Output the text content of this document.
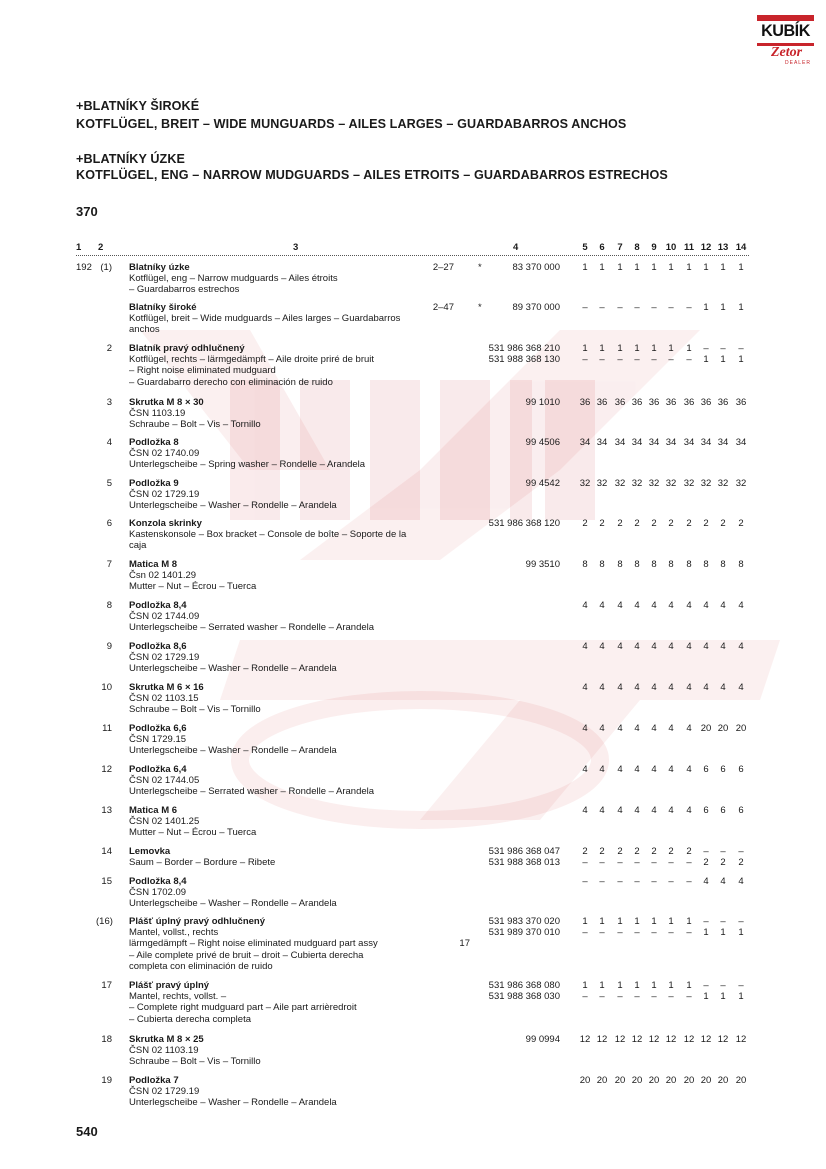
KUBÍK
Zetor
DEALER
+BLATNÍKY ŠIROKÉ
KOTFLÜGEL, BREIT – WIDE MUNGUARDS – AILES LARGES – GUARDABARROS ANCHOS
+BLATNÍKY ÚZKE
KOTFLÜGEL, ENG – NARROW MUDGUARDS – AILES ETROITS – GUARDABARROS ESTRECHOS
370
1 2	3	4	5	6	7	8	9 10 11 12 13 14
192 (1) Blatníky úzke
Kotflügel, eng – Narrow mudguards – Ailes étroits
– Guardabarros estrechos
2–27	*	83 370 000	1	1	1	1	1	1	1	1	1	1
Blatníky široké
Kotflügel, breit – Wide mudguards – Ailes larges – Guardabarros
anchos
2–47	*	89 370 000	–	–	–	–	–	–	–	1	1	1
2 Blatník pravý odhlučnený
Kotflügel, rechts – lärmgedämpft – Aile droite priré de bruit
– Right noise eliminated mudguard
– Guardabarro derecho con eliminación de ruido
531 986 368 210
531 988 368 130
1	1	1	1	1	1	1	–	–	–
–	–	–	–	–	–	–	1	1	1
3 Skrutka M 8 × 30
ČSN 1103.19
Schraube – Bolt – Vis – Tornillo
99 1010	36 36 36 36 36 36 36 36 36 36
4 Podložka 8
ČSN 02 1740.09
Unterlegscheibe – Spring washer – Rondelle – Arandela
99 4506	34 34 34 34 34 34 34 34 34 34
5 Podložka 9
ČSN 02 1729.19
Unterlegscheibe – Washer – Rondelle – Arandela
99 4542	32 32 32 32 32 32 32 32 32 32
6 Konzola skrinky
Kastenskonsole – Box bracket – Console de boîte – Soporte de la
caja
531 986 368 120	2	2	2	2	2	2	2	2	2	2
7 Matica M 8
Čsn 02 1401.29
Mutter – Nut – Écrou – Tuerca
99 3510	8	8	8	8	8	8	8	8	8	8
8 Podložka 8,4
ČSN 02 1744.09
Unterlegscheibe – Serrated washer – Rondelle – Arandela
4	4	4	4	4	4	4	4	4	4
9 Podložka 8,6
ČSN 02 1729.19
Unterlegscheibe – Washer – Rondelle – Arandela
4	4	4	4	4	4	4	4	4	4
10 Skrutka M 6 × 16
ČSN 02 1103.15
Schraube – Bolt – Vis – Tornillo
4	4	4	4	4	4	4	4	4	4
11 Podložka 6,6
ČSN 1729.15
Unterlegscheibe – Washer – Rondelle – Arandela
4	4	4	4	4	4	4 20 20 20
12 Podložka 6,4
ČSN 02 1744.05
Unterlegscheibe – Serrated washer – Rondelle – Arandela
4	4	4	4	4	4	4	6	6	6
13 Matica M 6
ČSN 02 1401.25
Mutter – Nut – Écrou – Tuerca
4	4	4	4	4	4	4	6	6	6
14 Lemovka
Saum – Border – Bordure – Ribete
531 986 368 047
531 988 368 013
2	2	2	2	2	2	2	–	–	–
–	–	–	–	–	–	–	2	2	2
15 Podložka 8,4
ČSN 1702.09
Unterlegscheibe – Washer – Rondelle – Arandela
–	–	–	–	–	–	–	4	4	4
(16) Plášť úplný pravý odhlučnený
Mantel, vollst., rechts
lärmgedämpft – Right noise eliminated mudguard part assy
– Aile complete privé de bruit – droit – Cubierta derecha
completa con eliminación de ruido
17
531 983 370 020
531 989 370 010
1	1	1	1	1	1	1	–	–	–
–	–	–	–	–	–	–	1	1	1
17 Plášť pravý úplný
Mantel, rechts, vollst. –
– Complete right mudguard part – Aile part arrièredroit
– Cubierta derecha completa
531 986 368 080
531 988 368 030
1	1	1	1	1	1	1	–	–	–
–	–	–	–	–	–	–	1	1	1
18 Skrutka M 8 × 25
ČSN 02 1103.19
Schraube – Bolt – Vis – Tornillo
99 0994	12 12 12 12 12 12 12 12 12 12
19 Podložka 7
ČSN 02 1729.19
Unterlegscheibe – Washer – Rondelle – Arandela
20 20 20 20 20 20 20 20 20 20
540
